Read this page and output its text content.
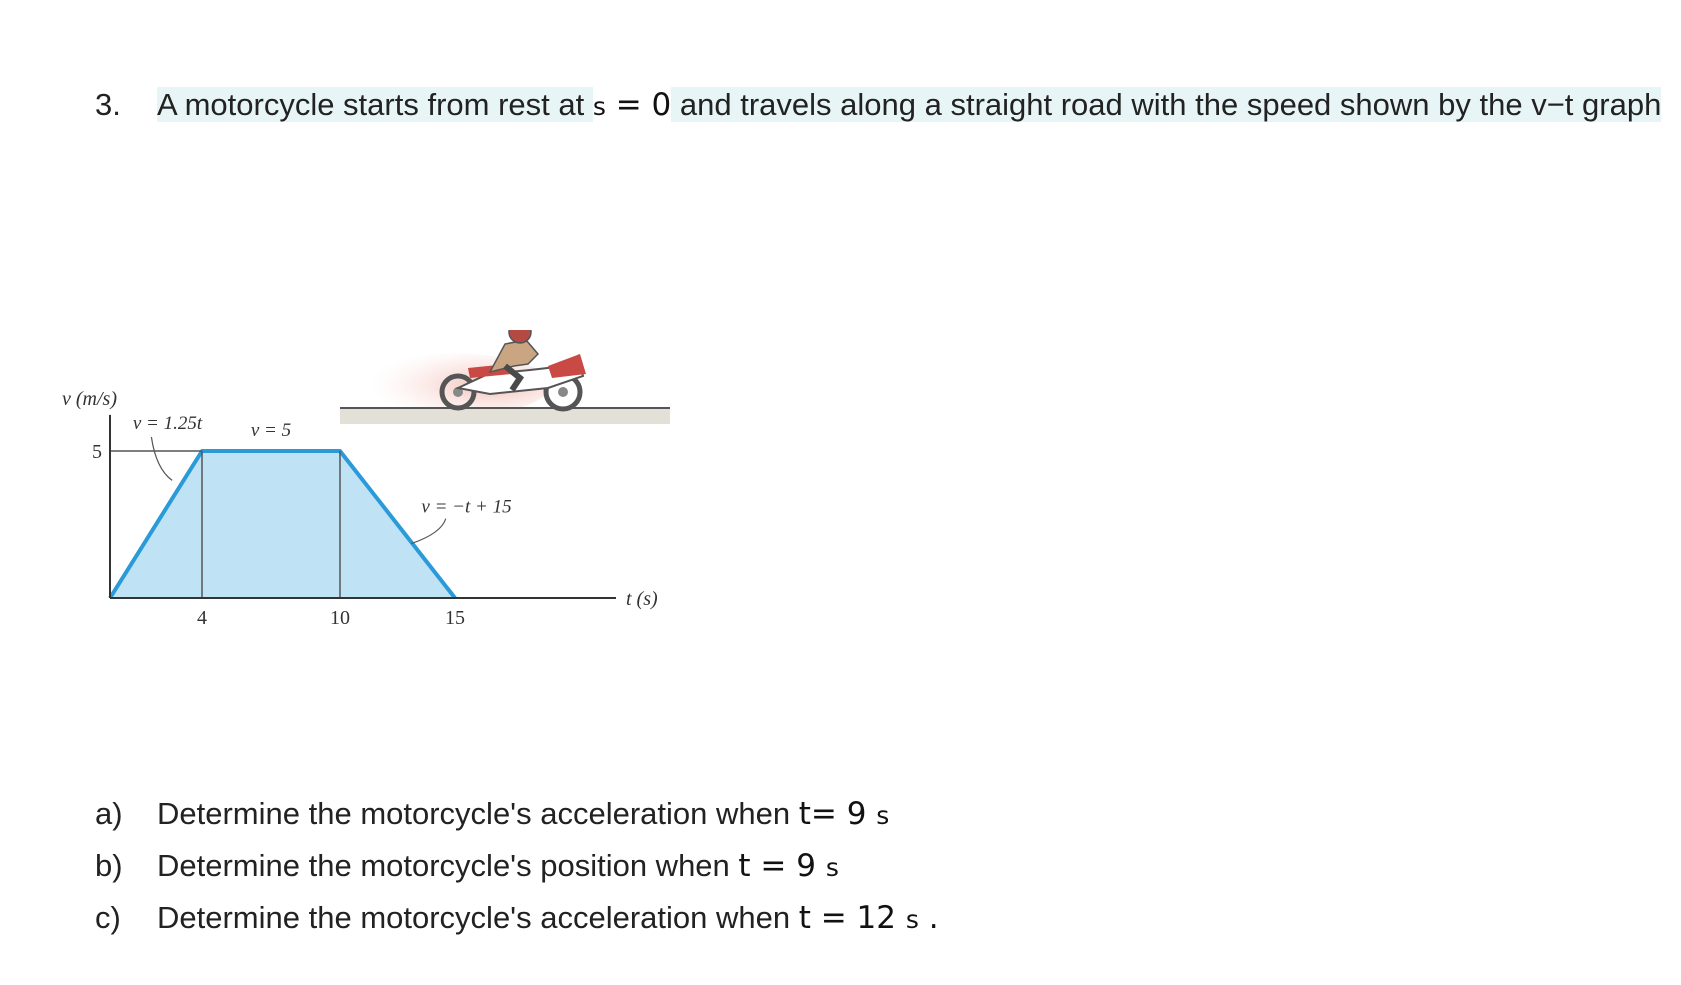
3. A motorcycle starts from rest at s = 0 and travels along a straight road with the speed shown by the v−t graph
4	10	15
5
t (s)
v (m/s)
v = 1.25t	v = 5
v = −t + 15
a) Determine the motorcycle's acceleration when t= 9 s
b) Determine the motorcycle's position when t = 9 s
c) Determine the motorcycle's acceleration when t = 12 s .
